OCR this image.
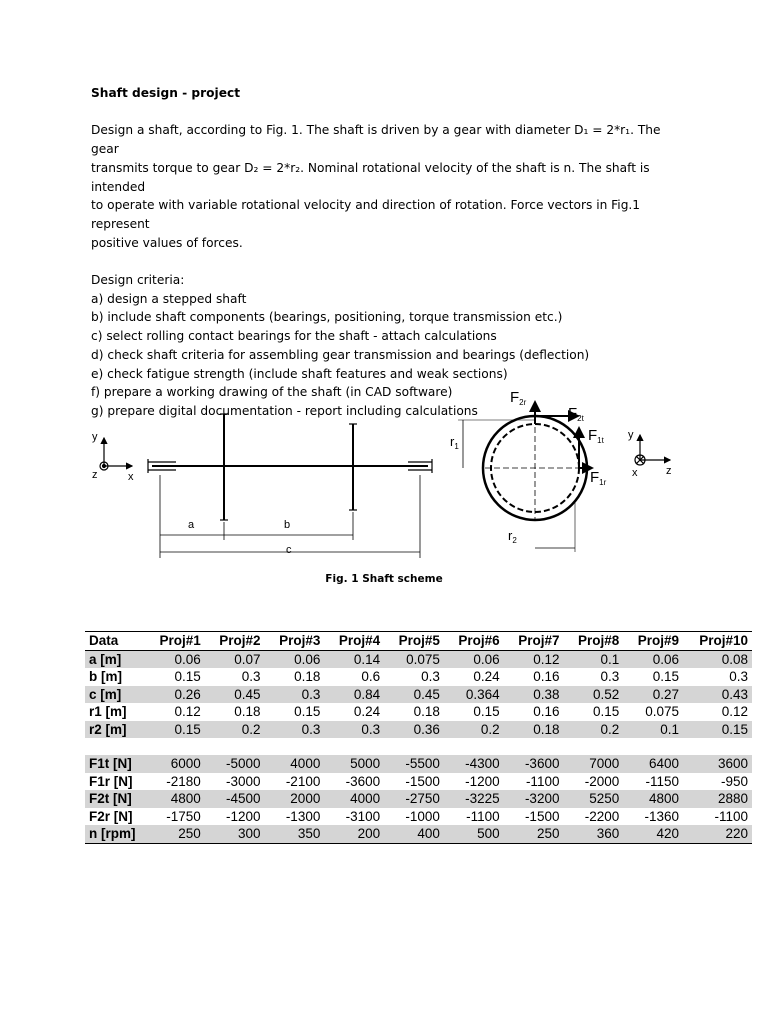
Shaft design - project

Design a shaft, according to Fig. 1. The shaft is driven by a gear with diameter D₁ = 2*r₁. The gear

transmits torque to gear D₂ = 2*r₂. Nominal rotational velocity of the shaft is n. The shaft is intended

to operate with variable rotational velocity and direction of rotation. Force vectors in Fig.1 represent

positive values of forces.

Design criteria:

a) design a stepped shaft

b) include shaft components (bearings, positioning, torque transmission etc.)

c) select rolling contact bearings for the shaft - attach calculations

d) check shaft criteria for assembling gear transmission and bearings (deflection)

e) check fatigue strength (include shaft features and weak sections)

f) prepare a working drawing of the shaft (in CAD software)

g) prepare digital documentation - report including calculations

y
z	x
a	b
c
$r_1$
$r_2$
$F_{2r}$
$F_{2t}$
$F_{1t}$
$F_{1r}$
y
x	z
Fig. 1 Shaft scheme
Data	Proj#1	Proj#2	Proj#3	Proj#4	Proj#5	Proj#6	Proj#7	Proj#8	Proj#9	Proj#10
a [m]	0.06	0.07	0.06	0.14	0.075	0.06	0.12	0.1	0.06	0.08
b [m]	0.15	0.3	0.18	0.6	0.3	0.24	0.16	0.3	0.15	0.3
c [m]	0.26	0.45	0.3	0.84	0.45	0.364	0.38	0.52	0.27	0.43
r1 [m]	0.12	0.18	0.15	0.24	0.18	0.15	0.16	0.15	0.075	0.12
r2 [m]	0.15	0.2	0.3	0.3	0.36	0.2	0.18	0.2	0.1	0.15

F1t [N]	6000	-5000	4000	5000	-5500	-4300	-3600	7000	6400	3600
F1r [N]	-2180	-3000	-2100	-3600	-1500	-1200	-1100	-2000	-1150	-950
F2t [N]	4800	-4500	2000	4000	-2750	-3225	-3200	5250	4800	2880
F2r [N]	-1750	-1200	-1300	-3100	-1000	-1100	-1500	-2200	-1360	-1100
n [rpm]	250	300	350	200	400	500	250	360	420	220
